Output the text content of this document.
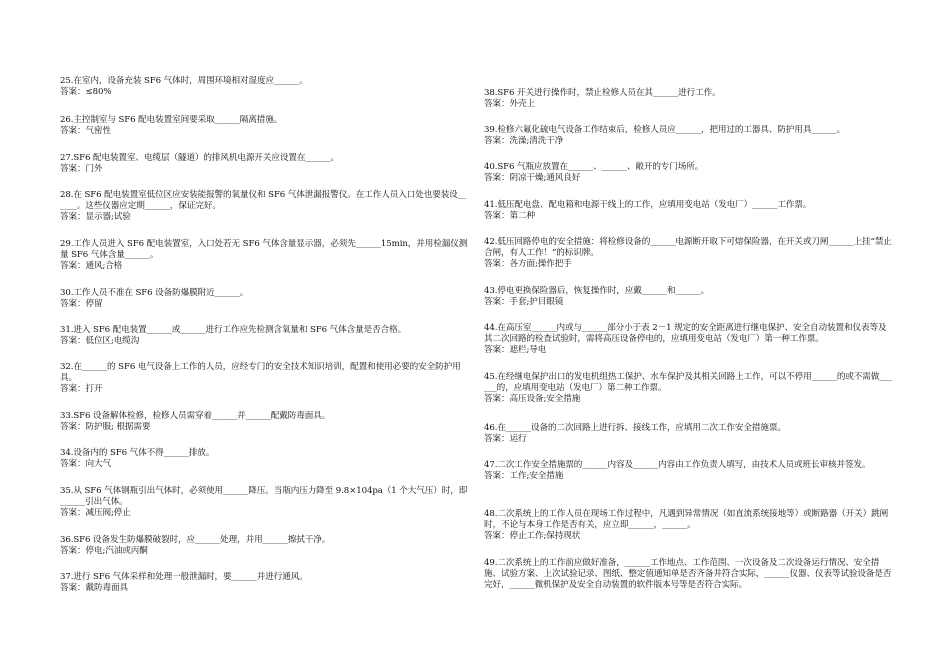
25.在室内，设备充装 SF6 气体时，周围环境相对湿度应______。

答案：≤80%

26.主控制室与 SF6 配电装置室间要采取______隔离措施。

答案：气密性

27.SF6 配电装置室、电缆层（隧道）的排风机电源开关应设置在______。

答案：门外

28.在 SF6 配电装置室低位区应安装能报警的氧量仪和 SF6 气体泄漏报警仪。在工作人员入口处也要装设______。这些仪器应定期______，保证完好。

答案：显示器;试验

29.工作人员进入 SF6 配电装置室，入口处若无 SF6 气体含量显示器，必须先______15min，并用检漏仪测量 SF6 气体含量______。

答案：通风;合格

30.工作人员不准在 SF6 设备防爆膜附近______。

答案：停留

31.进入 SF6 配电装置______或______进行工作应先检测含氧量和 SF6 气体含量是否合格。

答案：低位区;电缆沟

32.在______的 SF6 电气设备上工作的人员，应经专门的安全技术知识培训，配置和使用必要的安全防护用具。

答案：打开

33.SF6 设备解体检修，检修人员需穿着______并______配戴防毒面具。

答案：防护服; 根据需要

34.设备内的 SF6 气体不得______排放。

答案：向大气

35.从 SF6 气体钢瓶引出气体时，必须使用______降压。当瓶内压力降至 9.8×104pa（1 个大气压）时，即______引出气体。

答案：减压阀;停止

36.SF6 设备发生防爆膜破裂时，应______处理，并用______擦拭干净。

答案：停电;汽油或丙酮

37.进行 SF6 气体采样和处理一般泄漏时，要______并进行通风。

答案：戴防毒面具

38.SF6 开关进行操作时，禁止检修人员在其______进行工作。

答案：外壳上

39.检修六氟化硫电气设备工作结束后，检修人员应______，把用过的工器具、防护用具______。

答案：洗澡;清洗干净

40.SF6 气瓶应放置在______、______、敞开的专门场所。

答案：阴凉干燥;通风良好

41.低压配电盘、配电箱和电源干线上的工作，应填用变电站（发电厂）______工作票。

答案：第二种

42.低压回路停电的安全措施：将检修设备的______电源断开取下可熔保险器，在开关或刀闸______上挂“禁止合闸，有人工作！”的标识牌。

答案：各方面;操作把手

43.停电更换保险器后，恢复操作时，应戴______和______。

答案：手套;护目眼镜

44.在高压室______内或与______部分小于表 2－1 规定的安全距离进行继电保护、安全自动装置和仪表等及其二次回路的检查试验时，需将高压设备停电的，应填用变电站（发电厂）第一种工作票。

答案：遮栏;导电

45.在经继电保护出口的发电机组热工保护、水车保护及其相关回路上工作，可以不停用______的或不需做______的，应填用变电站（发电厂）第二种工作票。

答案：高压设备;安全措施

46.在______设备的二次回路上进行拆、接线工作，应填用二次工作安全措施票。

答案：运行

47.二次工作安全措施票的______内容及______内容由工作负责人填写，由技术人员或班长审核并签发。

答案：工作;安全措施

48.二次系统上的工作人员在现场工作过程中，凡遇到异常情况（如直流系统接地等）或断路器（开关）跳闸时，不论与本身工作是否有关，应立即______，______。

答案：停止工作;保持现状

49.二次系统上的工作前应做好准备，______工作地点、工作范围、一次设备及二次设备运行情况、安全措施、试验方案、上次试验记录、图纸、整定值通知单是否齐备并符合实际，______仪器、仪表等试验设备是否完好，______微机保护及安全自动装置的软件版本号等是否符合实际。
